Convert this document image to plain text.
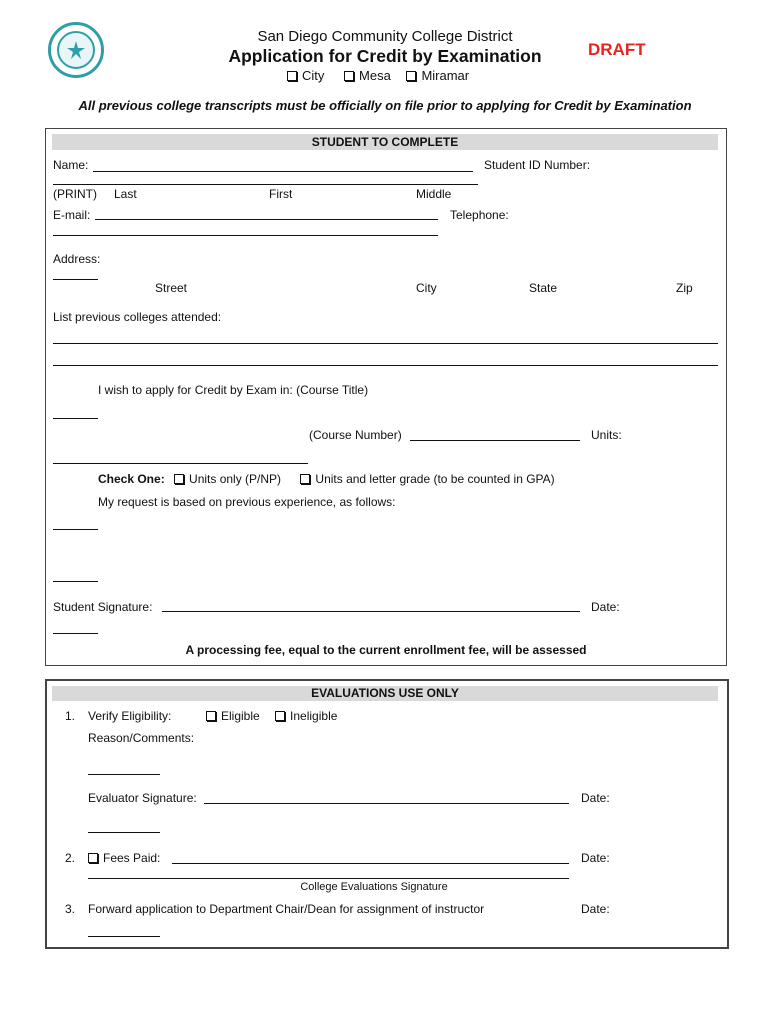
San Diego Community College District
Application for Credit by Examination	DRAFT
City	Mesa Miramar
All previous college transcripts must be officially on file prior to applying for Credit by Examination
STUDENT TO COMPLETE
Name:	Student ID Number:
(PRINT) Last	First	Middle
E-mail:	Telephone:
Address:
Street	City	State	Zip
List previous colleges attended:
I wish to apply for Credit by Exam in: (Course Title)
(Course Number)	Units:
Check One: Units only (P/NP)	Units and letter grade (to be counted in GPA)
My request is based on previous experience, as follows:
Student Signature:	Date:
A processing fee, equal to the current enrollment fee, will be assessed
EVALUATIONS USE ONLY
1. Verify Eligibility:	Eligible	Ineligible
Reason/Comments:
Evaluator Signature:	Date:
2.	Fees Paid:	Date:
College Evaluations Signature
3. Forward application to Department Chair/Dean for assignment of instructor	Date:
